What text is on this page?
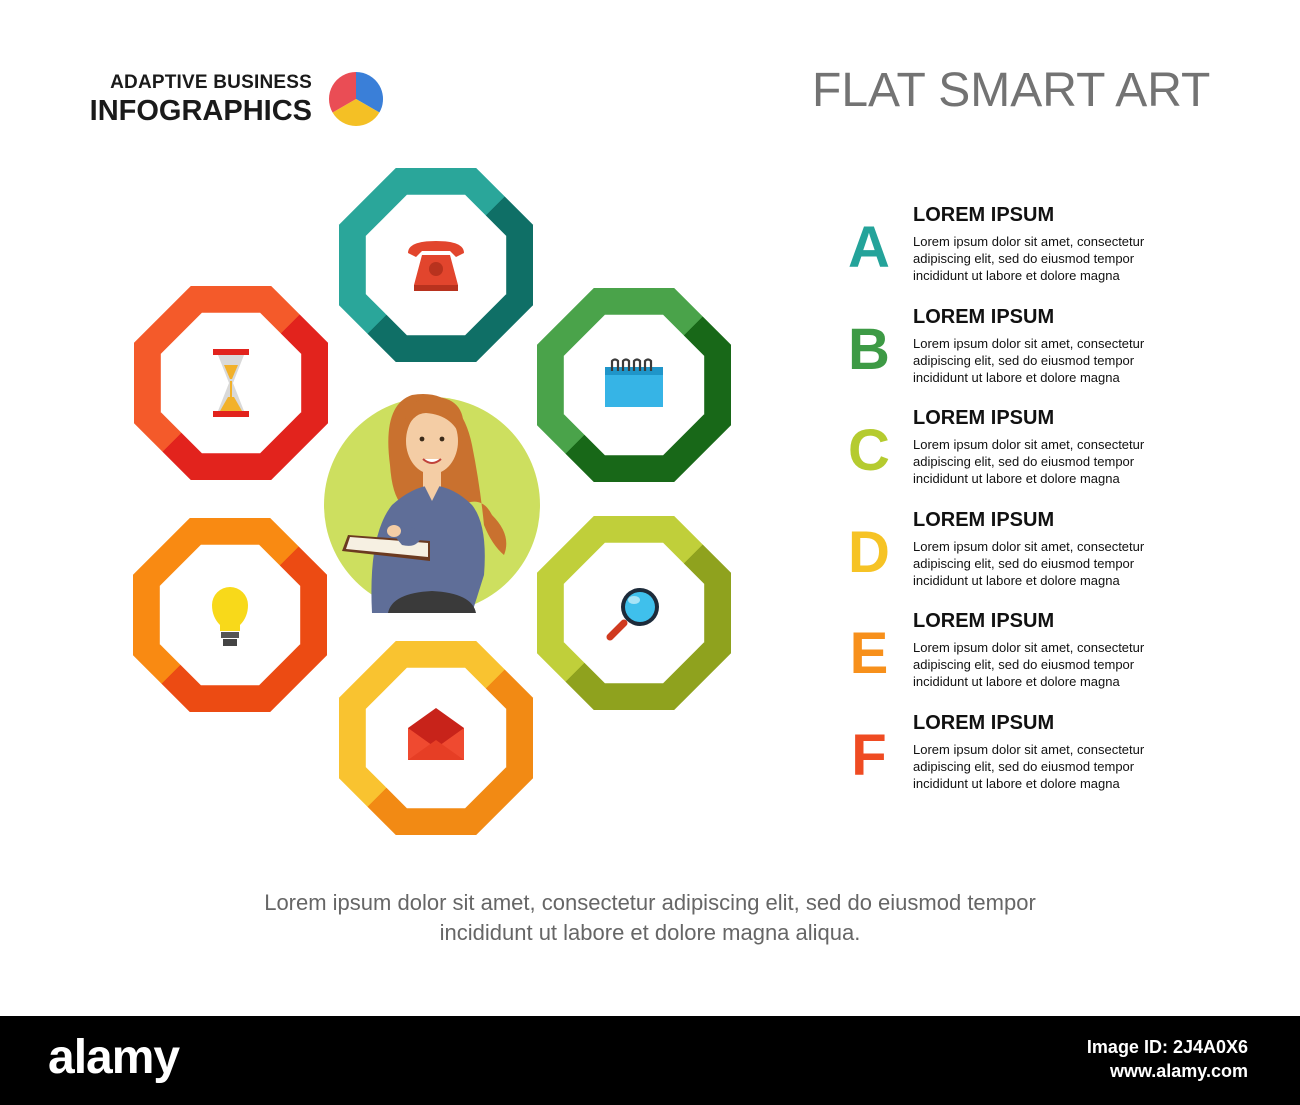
ADAPTIVE BUSINESS
INFOGRAPHICS	FLAT SMART ART
A LOREM IPSUM
Lorem ipsum dolor sit amet, consectetur adipiscing elit, sed do eiusmod tempor incididunt ut labore et dolore magna
B LOREM IPSUM
Lorem ipsum dolor sit amet, consectetur adipiscing elit, sed do eiusmod tempor incididunt ut labore et dolore magna
C LOREM IPSUM
Lorem ipsum dolor sit amet, consectetur adipiscing elit, sed do eiusmod tempor incididunt ut labore et dolore magna
D LOREM IPSUM
Lorem ipsum dolor sit amet, consectetur adipiscing elit, sed do eiusmod tempor incididunt ut labore et dolore magna
E LOREM IPSUM
Lorem ipsum dolor sit amet, consectetur adipiscing elit, sed do eiusmod tempor incididunt ut labore et dolore magna
F LOREM IPSUM
Lorem ipsum dolor sit amet, consectetur adipiscing elit, sed do eiusmod tempor incididunt ut labore et dolore magna
Lorem ipsum dolor sit amet, consectetur adipiscing elit, sed do eiusmod tempor
incididunt ut labore et dolore magna aliqua.
alamy	Image ID: 2J4A0X6
www.alamy.com
